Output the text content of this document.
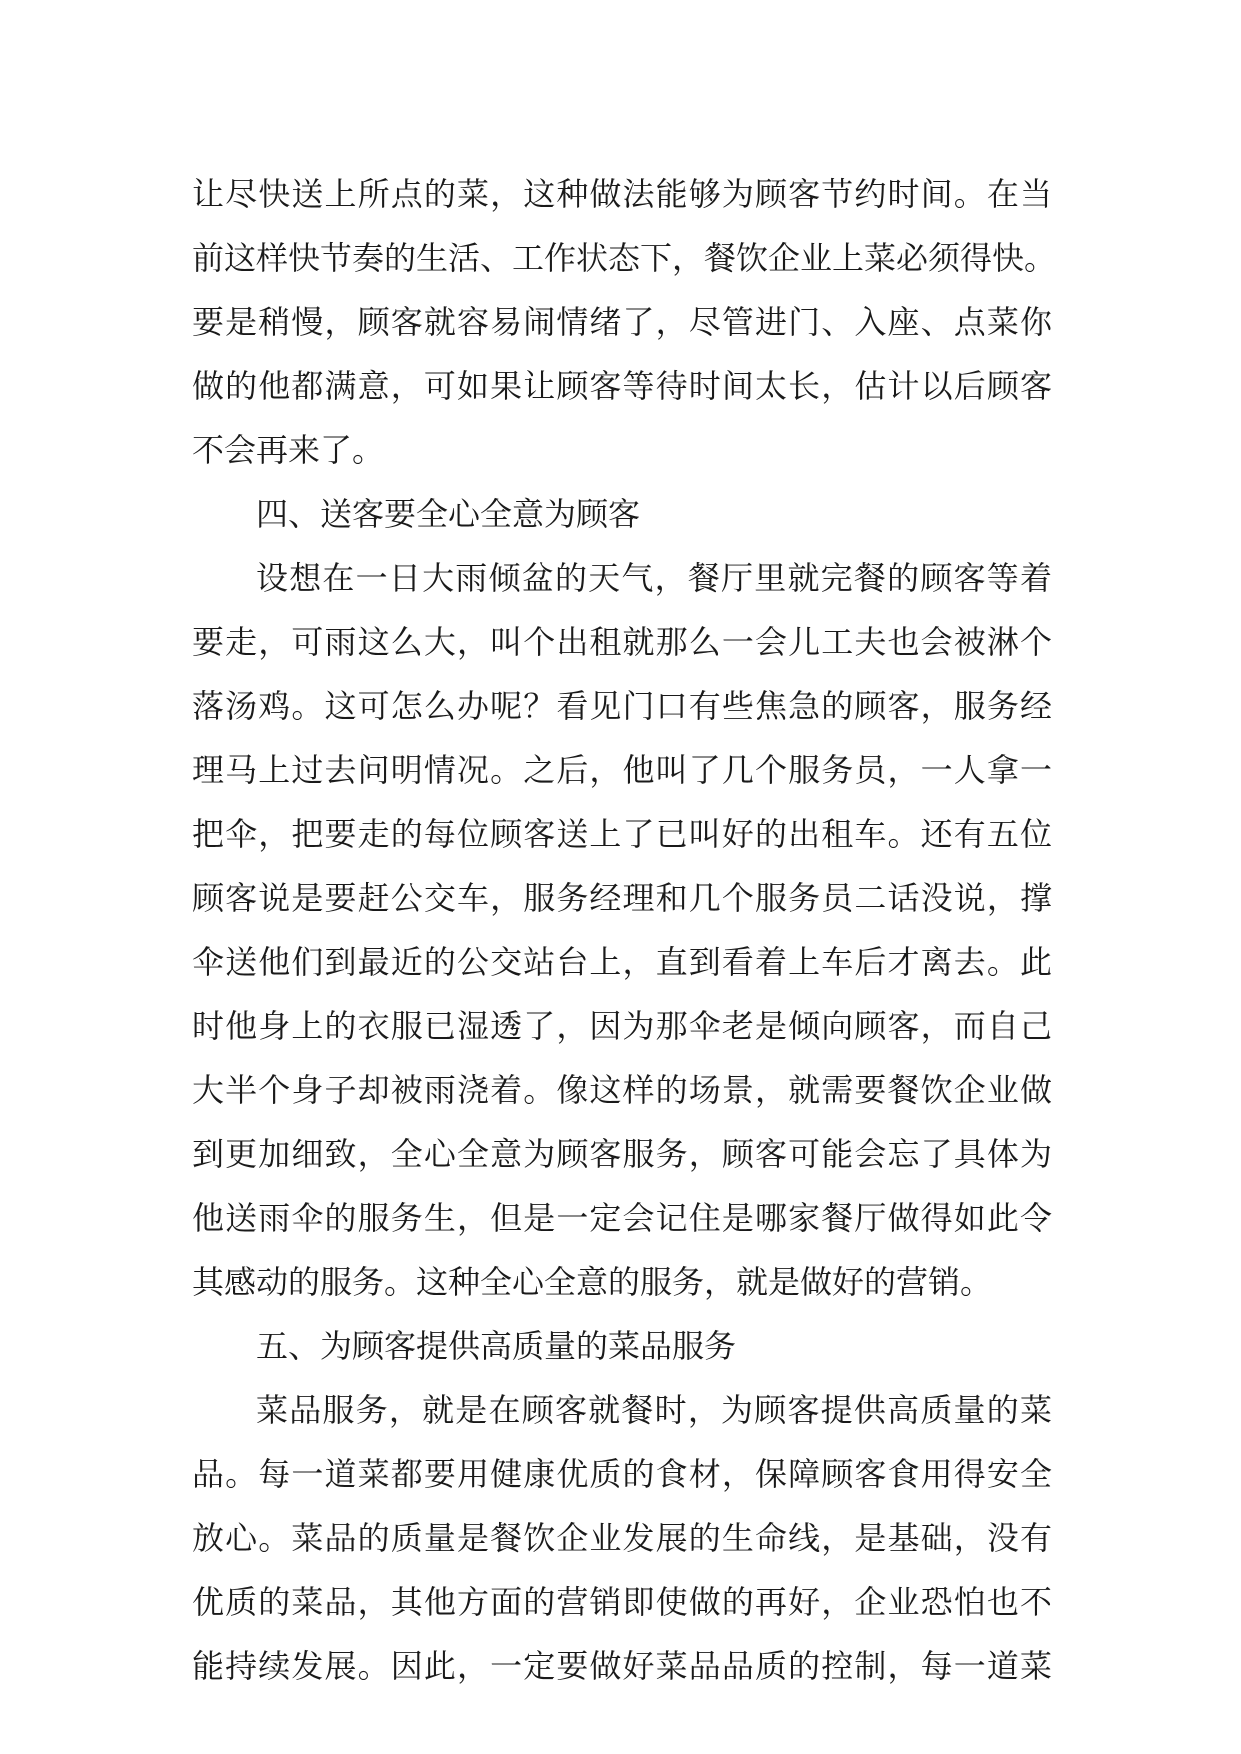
让尽快送上所点的菜，这种做法能够为顾客节约时间。在当
前这样快节奏的生活、工作状态下，餐饮企业上菜必须得快。
要是稍慢，顾客就容易闹情绪了，尽管进门、入座、点菜你
做的他都满意，可如果让顾客等待时间太长，估计以后顾客
不会再来了。
四、送客要全心全意为顾客
设想在一日大雨倾盆的天气，餐厅里就完餐的顾客等着
要走，可雨这么大，叫个出租就那么一会儿工夫也会被淋个
落汤鸡。这可怎么办呢？看见门口有些焦急的顾客，服务经
理马上过去问明情况。之后，他叫了几个服务员，一人拿一
把伞，把要走的每位顾客送上了已叫好的出租车。还有五位
顾客说是要赶公交车，服务经理和几个服务员二话没说，撑
伞送他们到最近的公交站台上，直到看着上车后才离去。此
时他身上的衣服已湿透了，因为那伞老是倾向顾客，而自己
大半个身子却被雨浇着。像这样的场景，就需要餐饮企业做
到更加细致，全心全意为顾客服务，顾客可能会忘了具体为
他送雨伞的服务生，但是一定会记住是哪家餐厅做得如此令
其感动的服务。这种全心全意的服务，就是做好的营销。
五、为顾客提供高质量的菜品服务
菜品服务，就是在顾客就餐时，为顾客提供高质量的菜
品。每一道菜都要用健康优质的食材，保障顾客食用得安全
放心。菜品的质量是餐饮企业发展的生命线，是基础，没有
优质的菜品，其他方面的营销即使做的再好，企业恐怕也不
能持续发展。因此，一定要做好菜品品质的控制，每一道菜
